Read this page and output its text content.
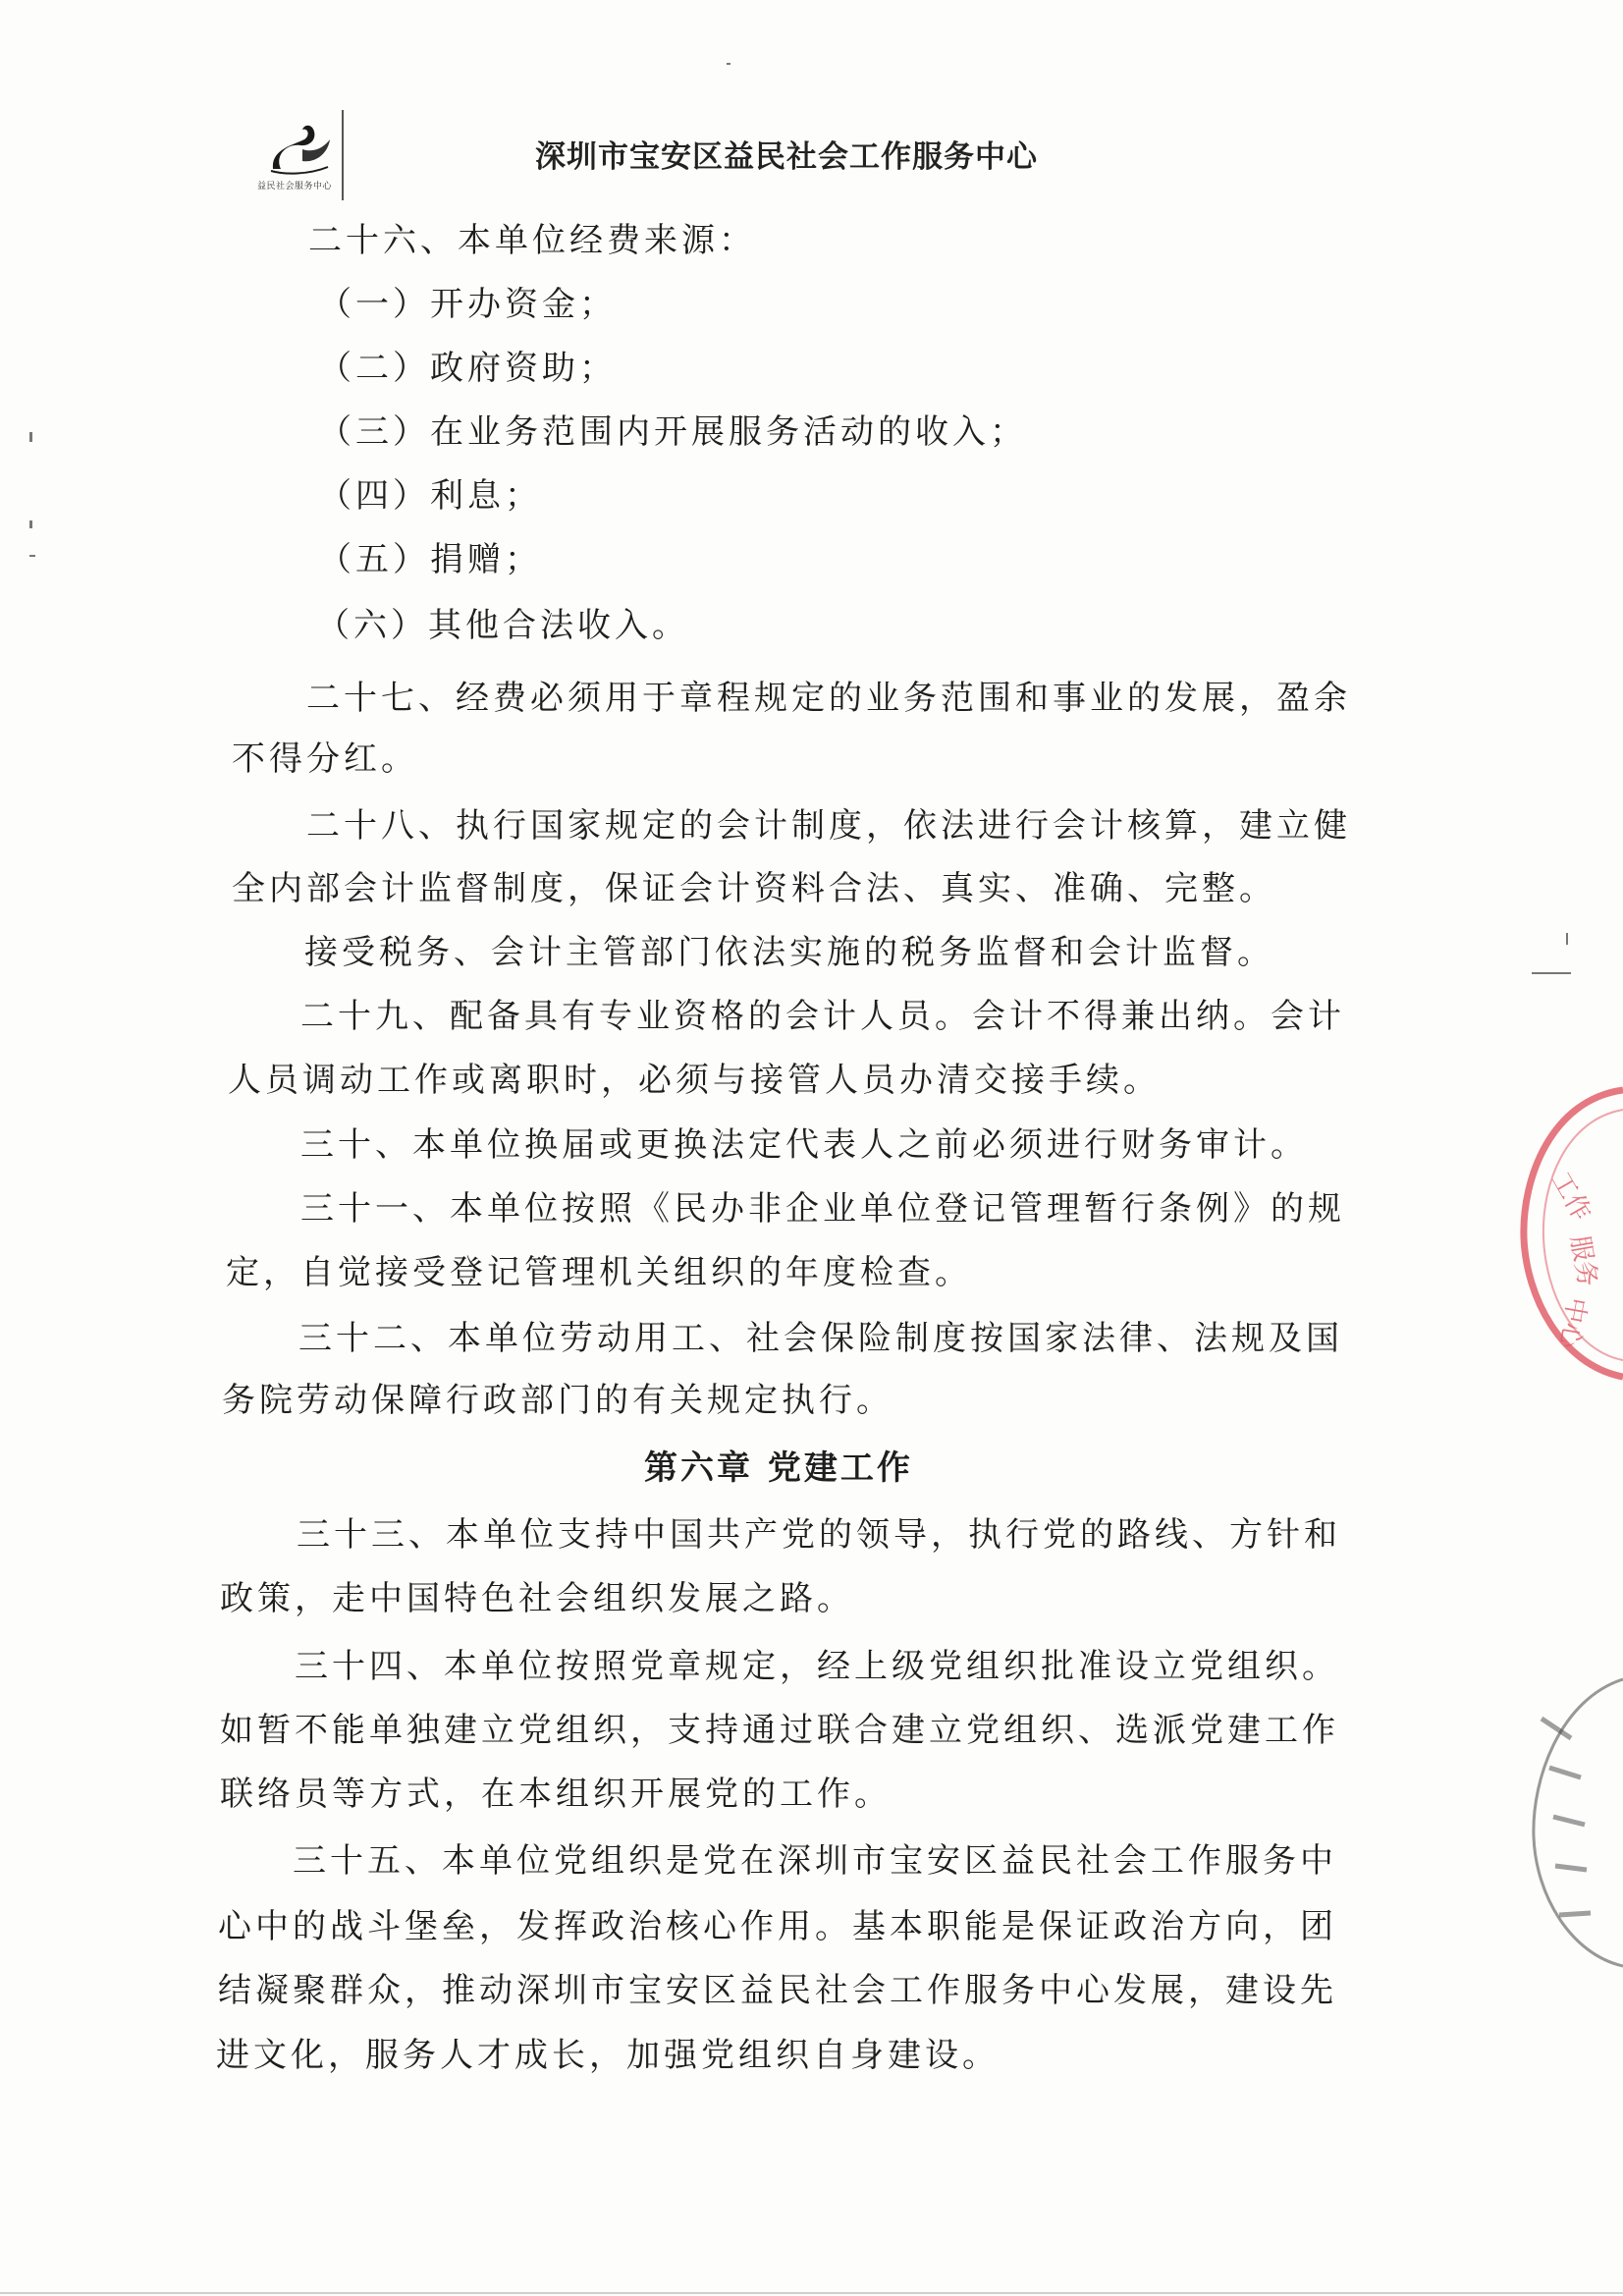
益民社会服务中心
深圳市宝安区益民社会工作服务中心
二十六、本单位经费来源：
（一）开办资金；
（二）政府资助；
（三）在业务范围内开展服务活动的收入；
（四）利息；
（五）捐赠；
（六）其他合法收入。
二十七、经费必须用于章程规定的业务范围和事业的发展，盈余
不得分红。
二十八、执行国家规定的会计制度，依法进行会计核算，建立健
全内部会计监督制度，保证会计资料合法、真实、准确、完整。
接受税务、会计主管部门依法实施的税务监督和会计监督。
二十九、配备具有专业资格的会计人员。会计不得兼出纳。会计
人员调动工作或离职时，必须与接管人员办清交接手续。
三十、本单位换届或更换法定代表人之前必须进行财务审计。
三十一、本单位按照《民办非企业单位登记管理暂行条例》的规
定，自觉接受登记管理机关组织的年度检查。
三十二、本单位劳动用工、社会保险制度按国家法律、法规及国
务院劳动保障行政部门的有关规定执行。
第六章 党建工作
三十三、本单位支持中国共产党的领导，执行党的路线、方针和
政策，走中国特色社会组织发展之路。
三十四、本单位按照党章规定，经上级党组织批准设立党组织。
如暂不能单独建立党组织，支持通过联合建立党组织、选派党建工作
联络员等方式，在本组织开展党的工作。
三十五、本单位党组织是党在深圳市宝安区益民社会工作服务中
心中的战斗堡垒，发挥政治核心作用。基本职能是保证政治方向，团
结凝聚群众，推动深圳市宝安区益民社会工作服务中心发展，建设先
进文化，服务人才成长，加强党组织自身建设。
工作
服务
中心
